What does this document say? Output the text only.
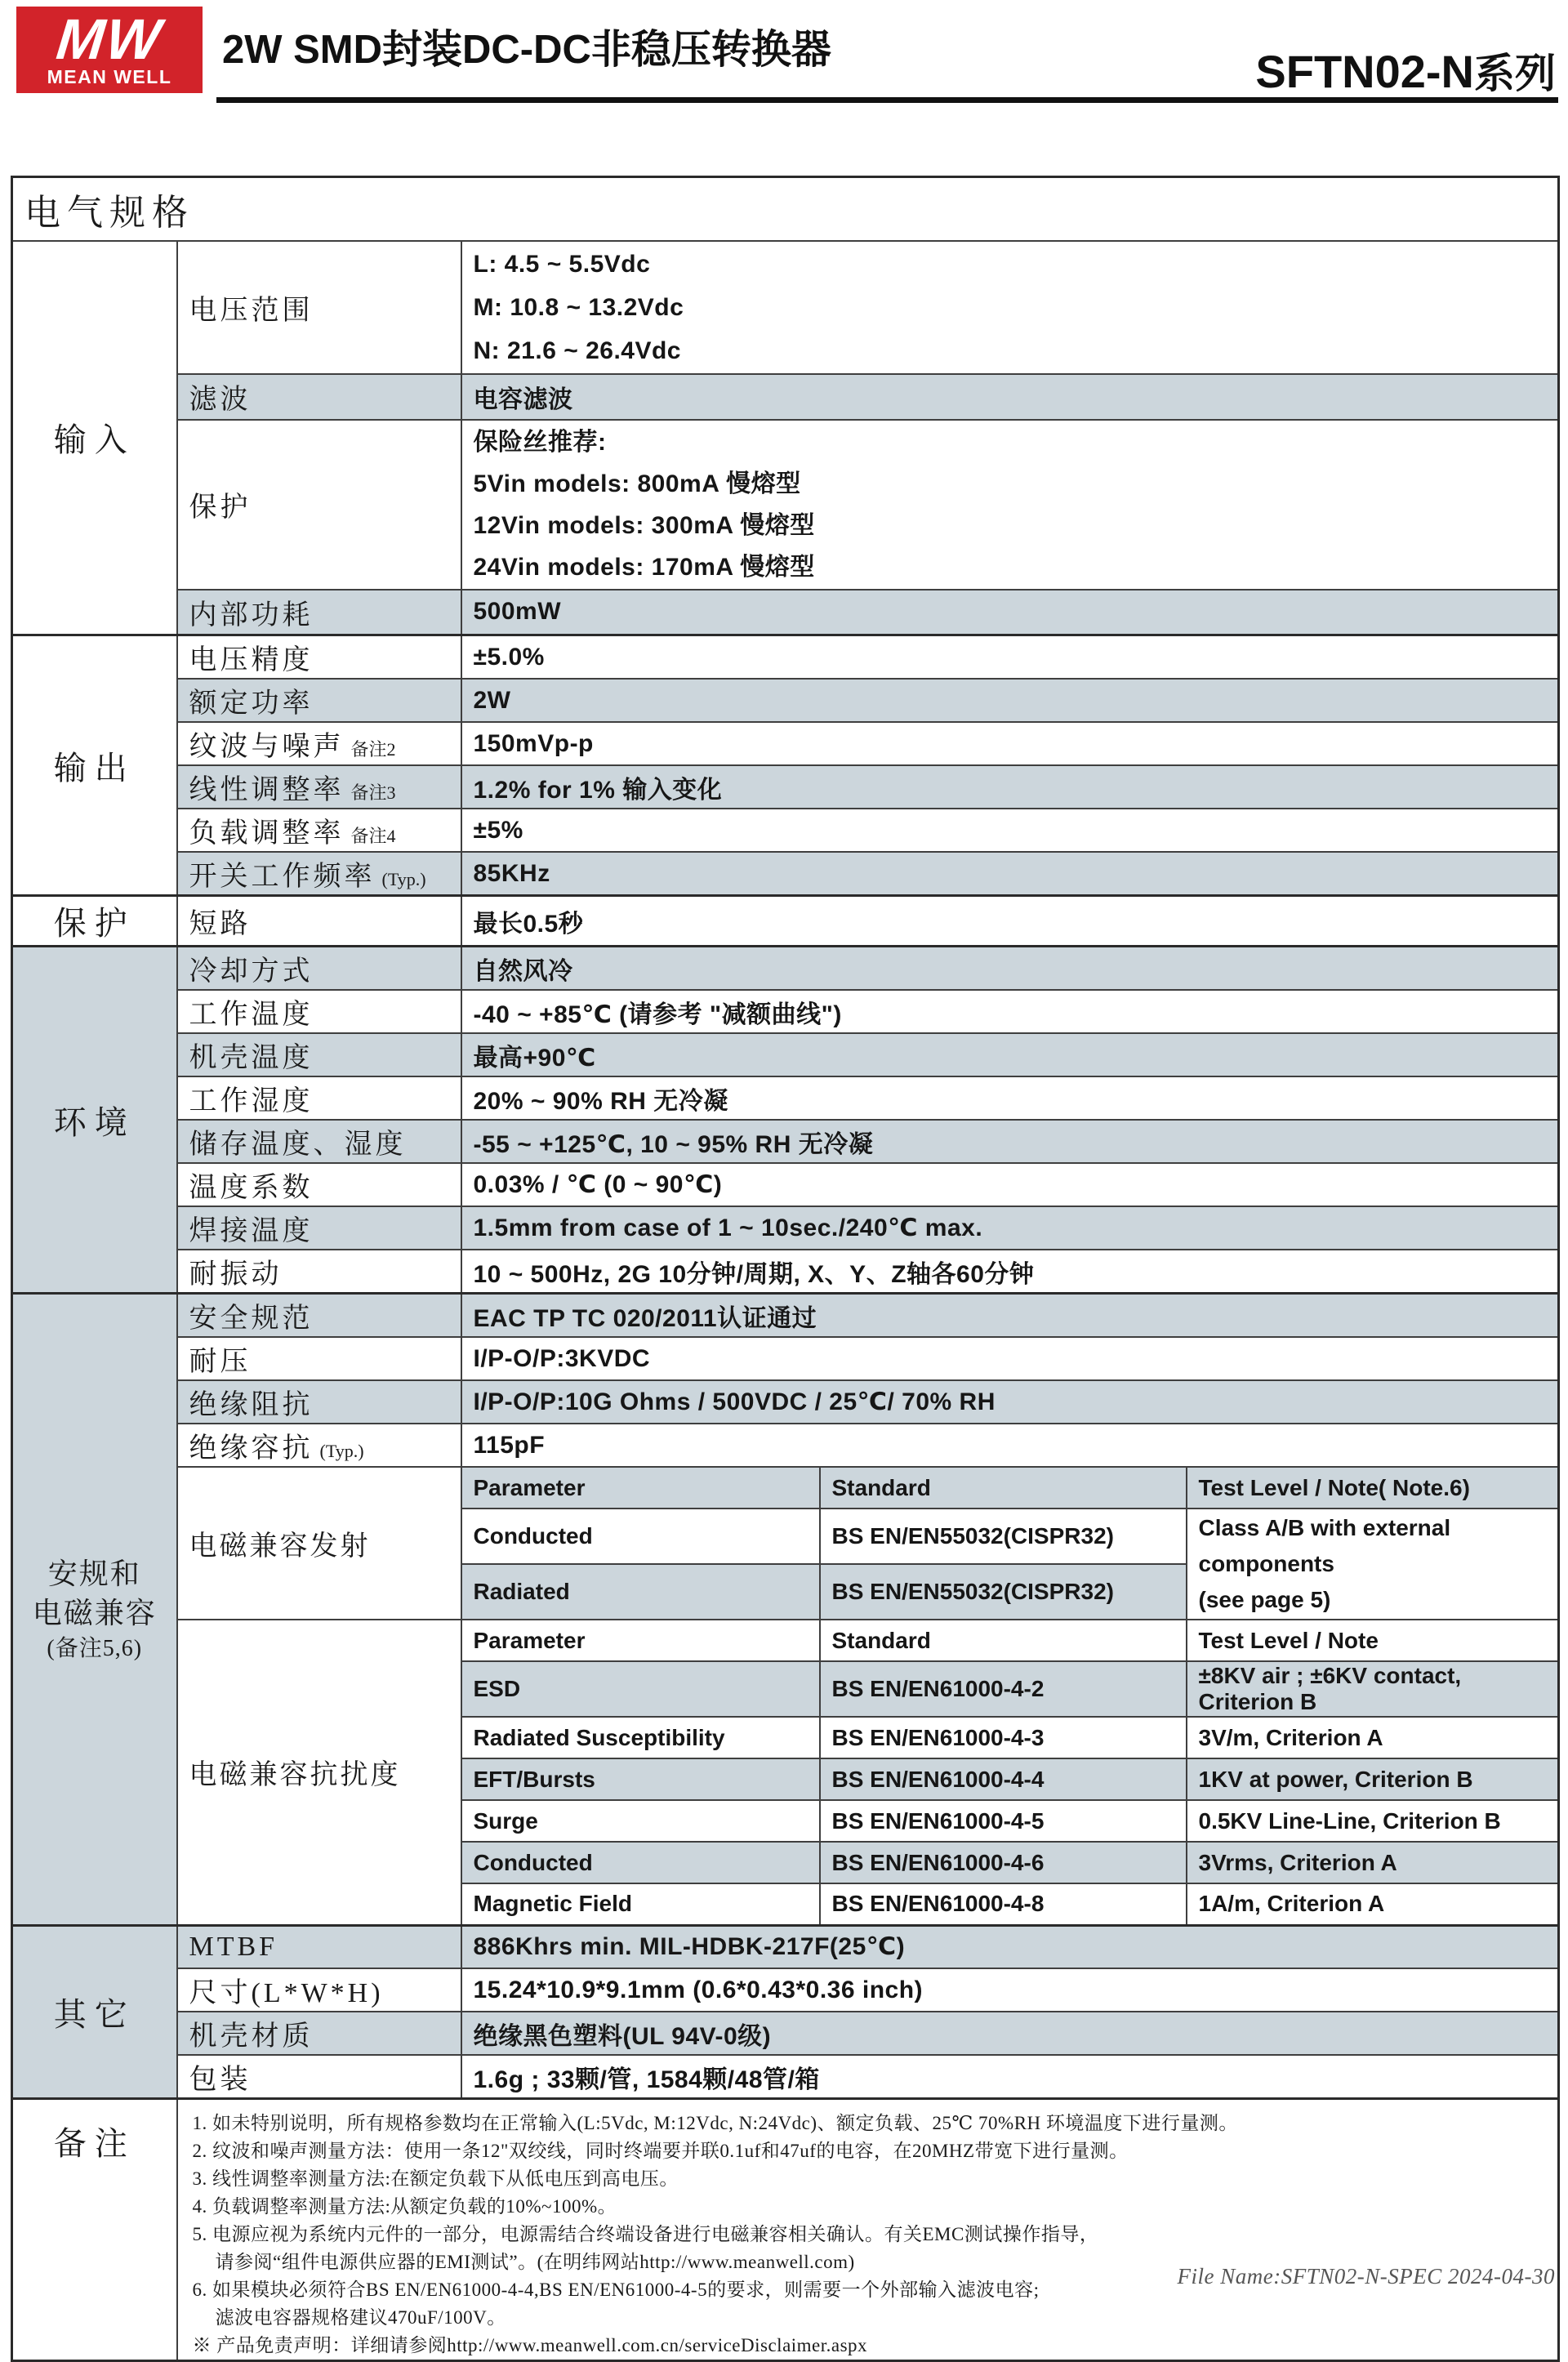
MW
MEAN WELL
2W SMD封装DC-DC非稳压转换器	SFTN02-N系列
电气规格				
输入	电压范围	L: 4.5 ~ 5.5Vdc
M: 10.8 ~ 13.2Vdc
N: 21.6 ~ 26.4Vdc		

	滤波	电容滤波		
	保护	保险丝推荐:
5Vin models: 800mA 慢熔型
12Vin models: 300mA 慢熔型
24Vin models: 170mA 慢熔型		

	内部功耗	500mW		
输出	电压精度	±5.0%		
	额定功率	2W		
	纹波与噪声 备注2	150mVp-p		
	线性调整率 备注3	1.2% for 1% 输入变化		
	负载调整率 备注4	±5%		
	开关工作频率 (Typ.)	85KHz		
保护	短路	最长0.5秒		
环境	冷却方式	自然风冷		
	工作温度	-40 ~ +85℃ (请参考 "减额曲线")		
	机壳温度	最高+90℃		
	工作湿度	20% ~ 90% RH 无冷凝		
	储存温度、湿度	-55 ~ +125℃, 10 ~ 95% RH 无冷凝		
	温度系数	0.03% / ℃ (0 ~ 90℃)		
	焊接温度	1.5mm from case of 1 ~ 10sec./240℃ max.		
	耐振动	10 ~ 500Hz, 2G 10分钟/周期, X、Y、Z轴各60分钟		

安规和
电磁兼容
(备注5,6)	安全规范	EAC TP TC 020/2011认证通过		
	耐压	I/P-O/P:3KVDC		
	绝缘阻抗	I/P-O/P:10G Ohms / 500VDC / 25℃/ 70% RH		
	绝缘容抗 (Typ.)	115pF		
	电磁兼容发射	Parameter	Standard	Test Level / Note( Note.6)
		Conducted	BS EN/EN55032(CISPR32)	Class A/B with external components
(see page 5)

		Radiated	BS EN/EN55032(CISPR32)	
	电磁兼容抗扰度	Parameter	Standard	Test Level / Note
		ESD	BS EN/EN61000-4-2	±8KV air ; ±6KV contact, Criterion B
		Radiated Susceptibility	BS EN/EN61000-4-3	3V/m, Criterion A
		EFT/Bursts	BS EN/EN61000-4-4	1KV at power, Criterion B
		Surge	BS EN/EN61000-4-5	0.5KV Line-Line, Criterion B
		Conducted	BS EN/EN61000-4-6	3Vrms, Criterion A
		Magnetic Field	BS EN/EN61000-4-8	1A/m, Criterion A
其它	MTBF	886Khrs min. MIL-HDBK-217F(25℃)		
	尺寸(L*W*H)	15.24*10.9*9.1mm (0.6*0.43*0.36 inch)		
	机壳材质	绝缘黑色塑料(UL 94V-0级)		
	包装	1.6g ; 33颗/管, 1584颗/48管/箱		
备注	
1. 如未特别说明，所有规格参数均在正常输入(L:5Vdc, M:12Vdc, N:24Vdc)、额定负载、25℃ 70%RH 环境温度下进行量测。
2. 纹波和噪声测量方法：使用一条12"双绞线，同时终端要并联0.1uf和47uf的电容，在20MHZ带宽下进行量测。
3. 线性调整率测量方法:在额定负载下从低电压到高电压。
4. 负载调整率测量方法:从额定负载的10%~100%。
5. 电源应视为系统内元件的一部分，电源需结合终端设备进行电磁兼容相关确认。有关EMC测试操作指导，
请参阅“组件电源供应器的EMI测试”。(在明纬网站http://www.meanwell.com)
6. 如果模块必须符合BS EN/EN61000-4-4,BS EN/EN61000-4-5的要求，则需要一个外部输入滤波电容;
滤波电容器规格建议470uF/100V。
※ 产品免责声明：详细请参阅http://www.meanwell.com.cn/serviceDisclaimer.aspx
File Name:SFTN02-N-SPEC 2024-04-30
